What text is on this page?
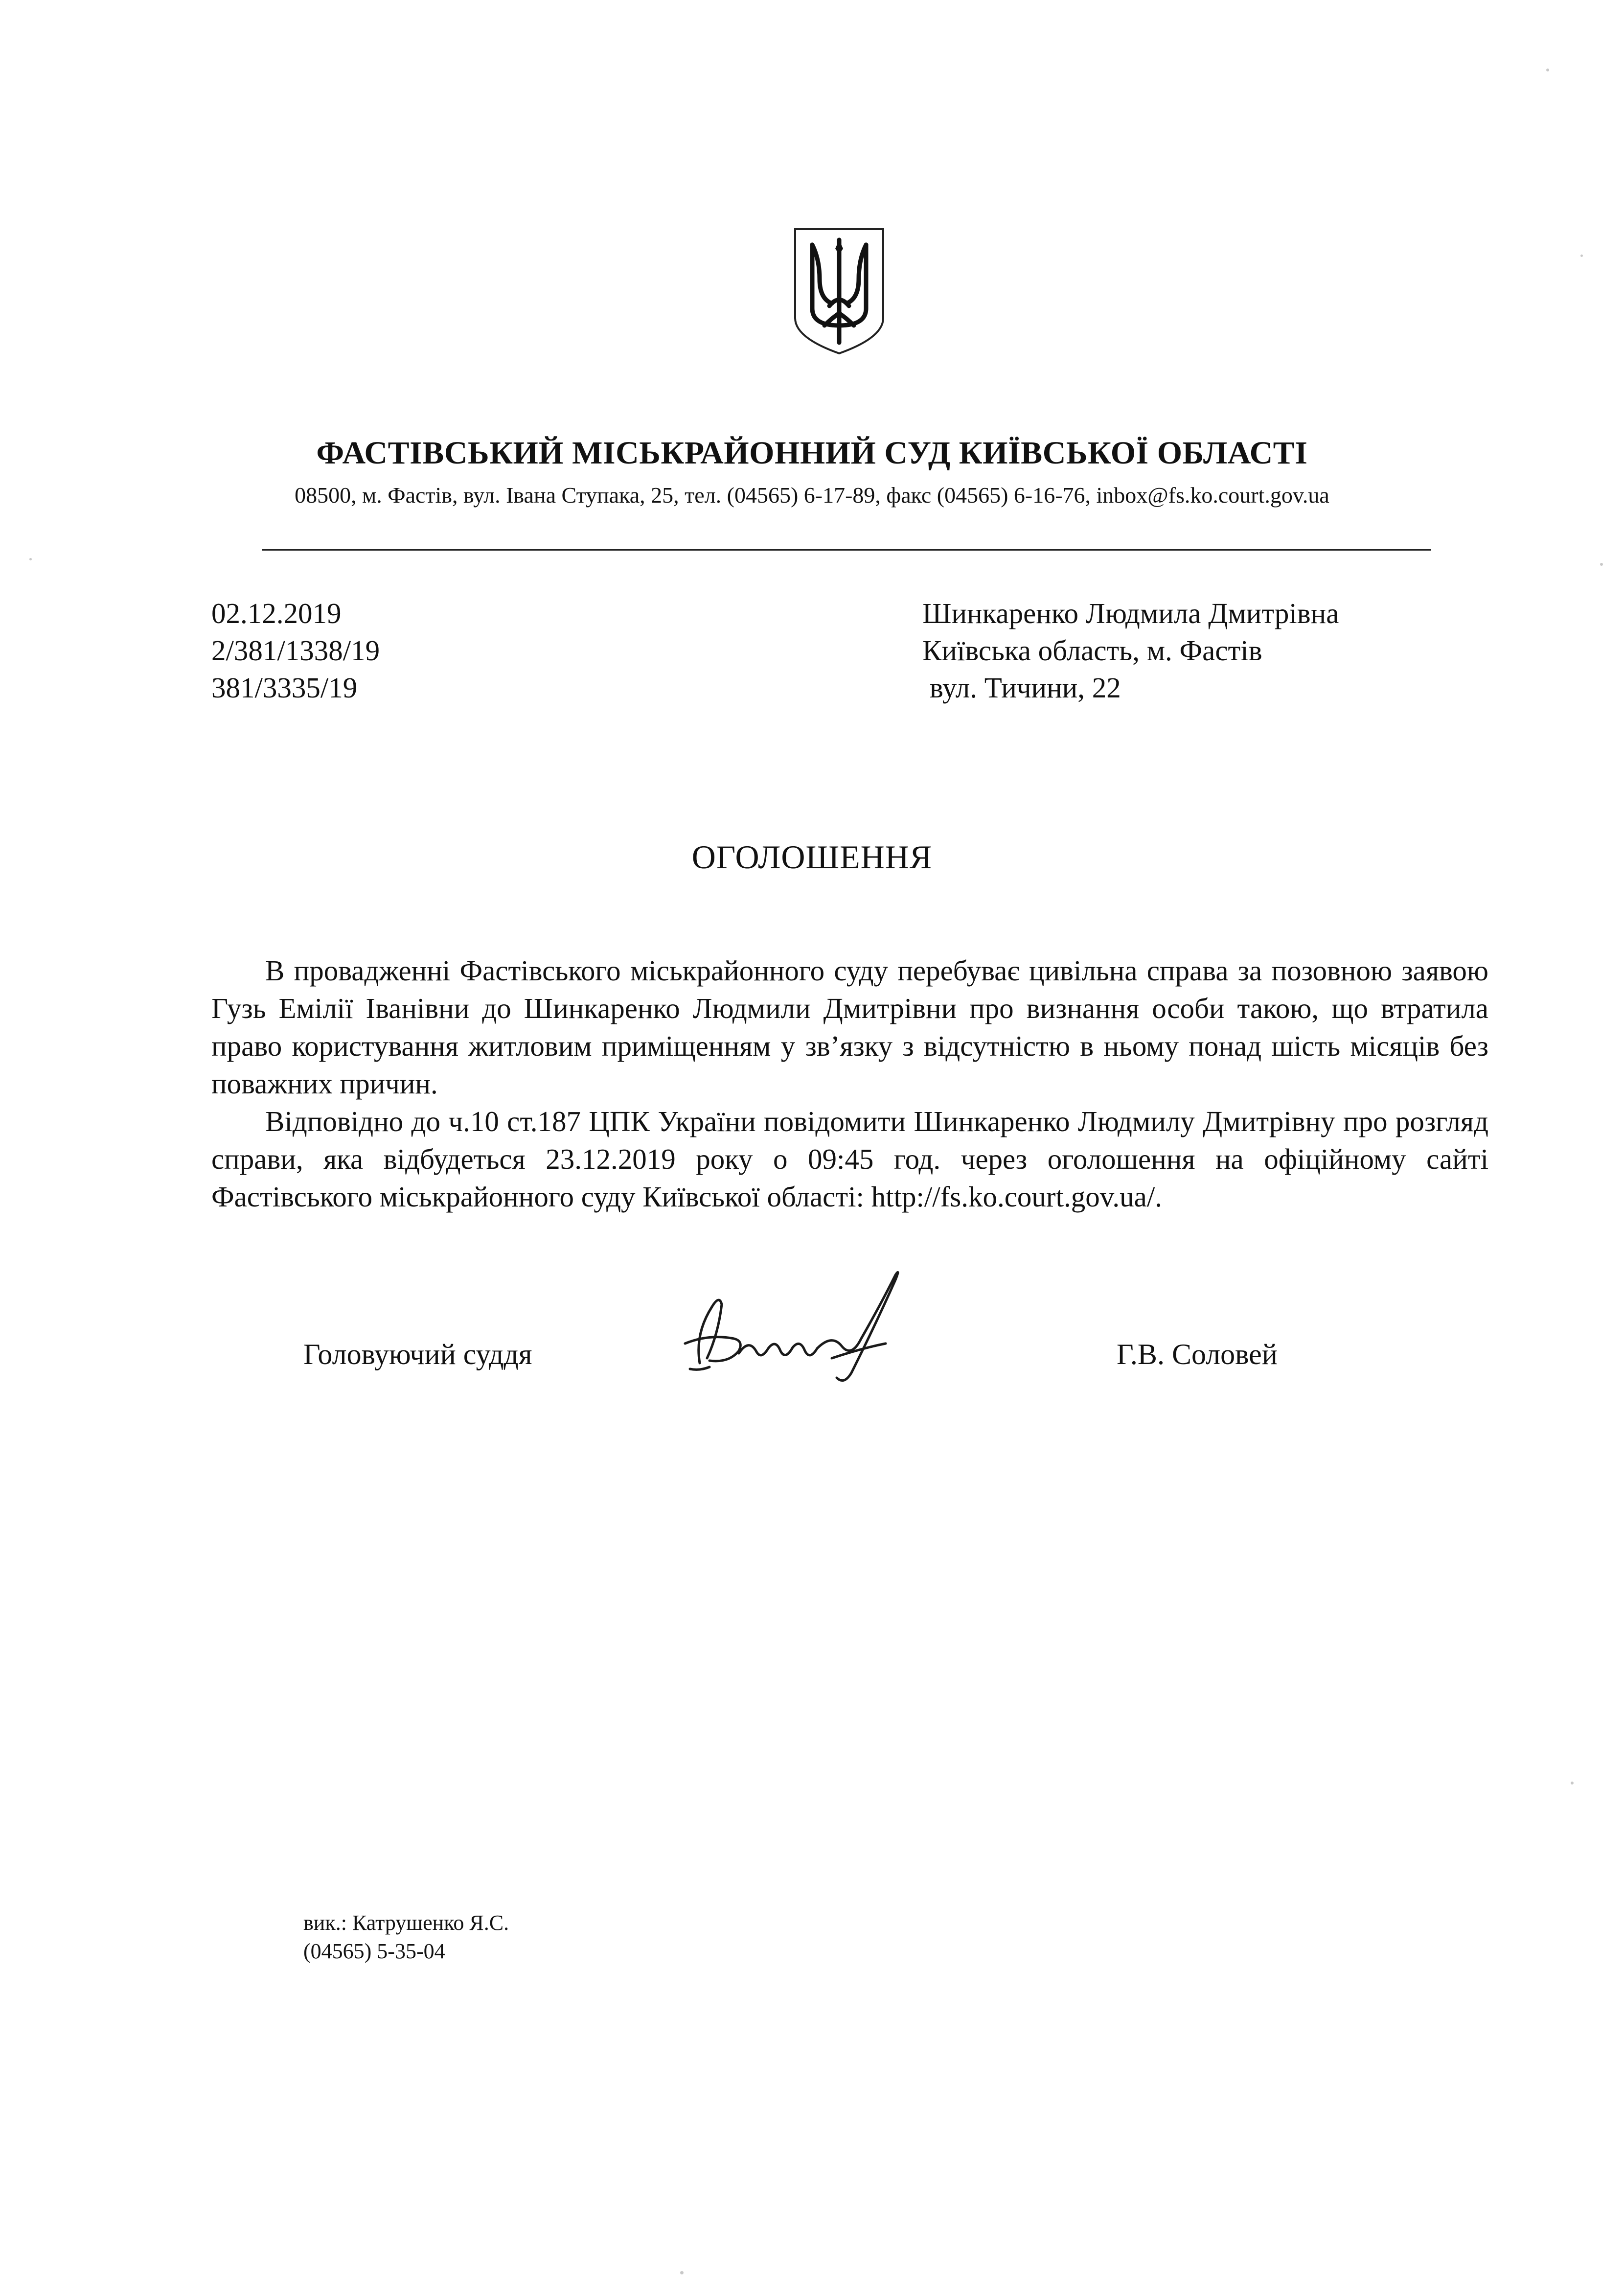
ФАСТІВСЬКИЙ МІСЬКРАЙОННИЙ СУД КИЇВСЬКОЇ ОБЛАСТІ
08500, м. Фастів, вул. Івана Ступака, 25, тел. (04565) 6-17-89, факс (04565) 6-16-76, inbox@fs.ko.court.gov.ua
02.12.2019
2/381/1338/19
381/3335/19
Шинкаренко Людмила Дмитрівна
Київська область, м. Фастів
вул. Тичини, 22
ОГОЛОШЕННЯ

В провадженні Фастівського міськрайонного суду перебуває цивільна справа за позовною заявою Гузь Емілії Іванівни до Шинкаренко Людмили Дмитрівни про визнання особи такою, що втратила право користування житловим приміщенням у зв’язку з відсутністю в ньому понад шість місяців без поважних причин.

Відповідно до ч.10 ст.187 ЦПК України повідомити Шинкаренко Людмилу Дмитрівну про розгляд справи, яка відбудеться 23.12.2019 року о 09:45 год. через оголошення на офіційному сайті Фастівського міськрайонного суду Київської області: http://fs.ko.court.gov.ua/.

Головуючий суддя	Г.В. Соловей
вик.: Катрушенко Я.С.
(04565) 5-35-04
